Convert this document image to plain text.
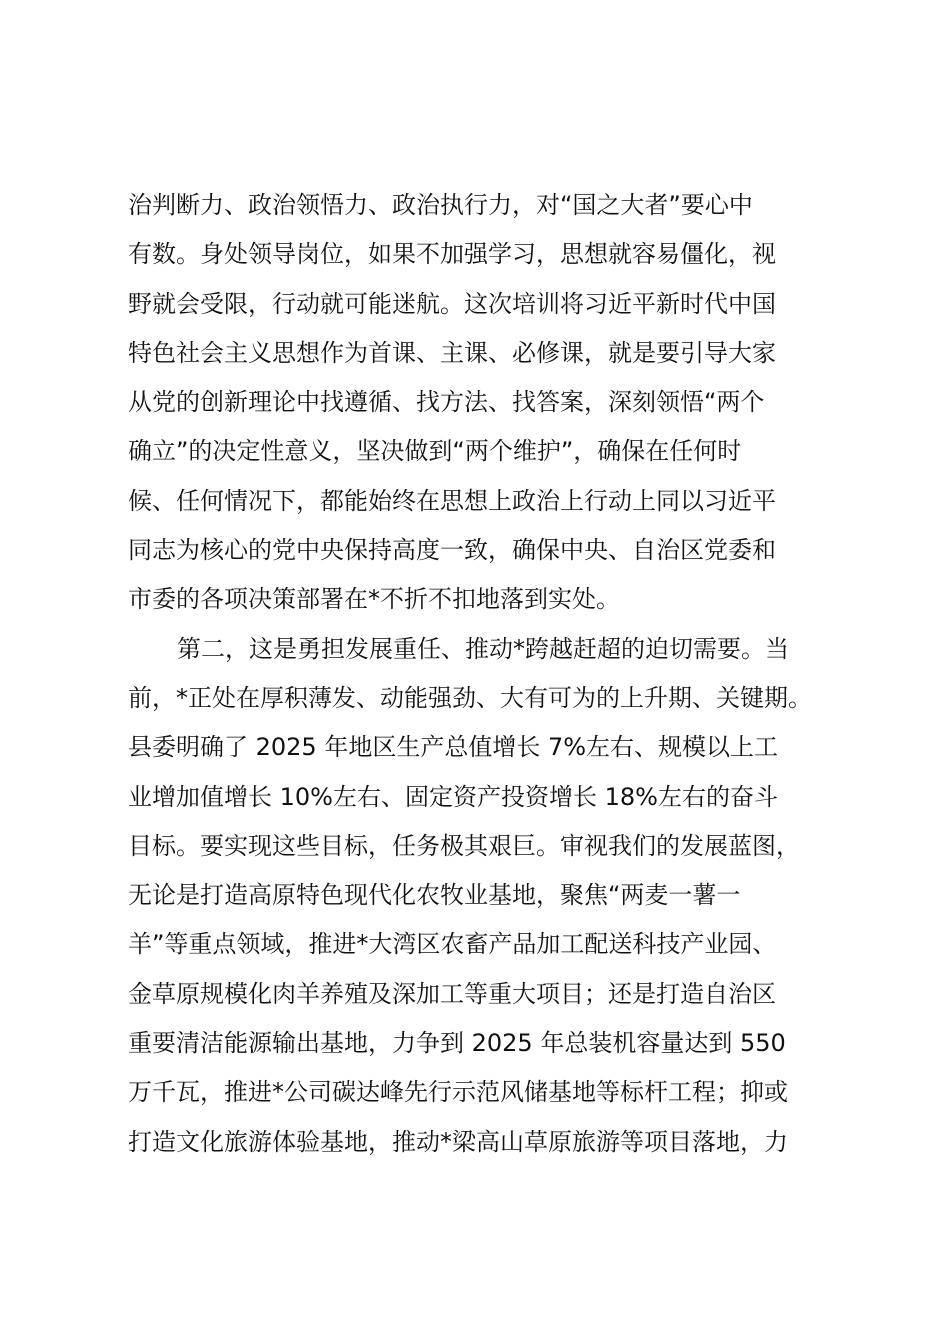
治判断力、政治领悟力、政治执行力，对“国之大者”要心中
有数。身处领导岗位，如果不加强学习，思想就容易僵化，视
野就会受限，行动就可能迷航。这次培训将习近平新时代中国
特色社会主义思想作为首课、主课、必修课，就是要引导大家
从党的创新理论中找遵循、找方法、找答案，深刻领悟“两个
确立”的决定性意义，坚决做到“两个维护”，确保在任何时
候、任何情况下，都能始终在思想上政治上行动上同以习近平
同志为核心的党中央保持高度一致，确保中央、自治区党委和
市委的各项决策部署在*不折不扣地落到实处。
第二，这是勇担发展重任、推动*跨越赶超的迫切需要。当
前，*正处在厚积薄发、动能强劲、大有可为的上升期、关键期。
县委明确了 2025 年地区生产总值增长 7%左右、规模以上工
业增加值增长 10%左右、固定资产投资增长 18%左右的奋斗
目标。要实现这些目标，任务极其艰巨。审视我们的发展蓝图，
无论是打造高原特色现代化农牧业基地，聚焦“两麦一薯一
羊”等重点领域，推进*大湾区农畜产品加工配送科技产业园、
金草原规模化肉羊养殖及深加工等重大项目；还是打造自治区
重要清洁能源输出基地，力争到 2025 年总装机容量达到 550
万千瓦，推进*公司碳达峰先行示范风储基地等标杆工程；抑或
打造文化旅游体验基地，推动*梁高山草原旅游等项目落地，力
